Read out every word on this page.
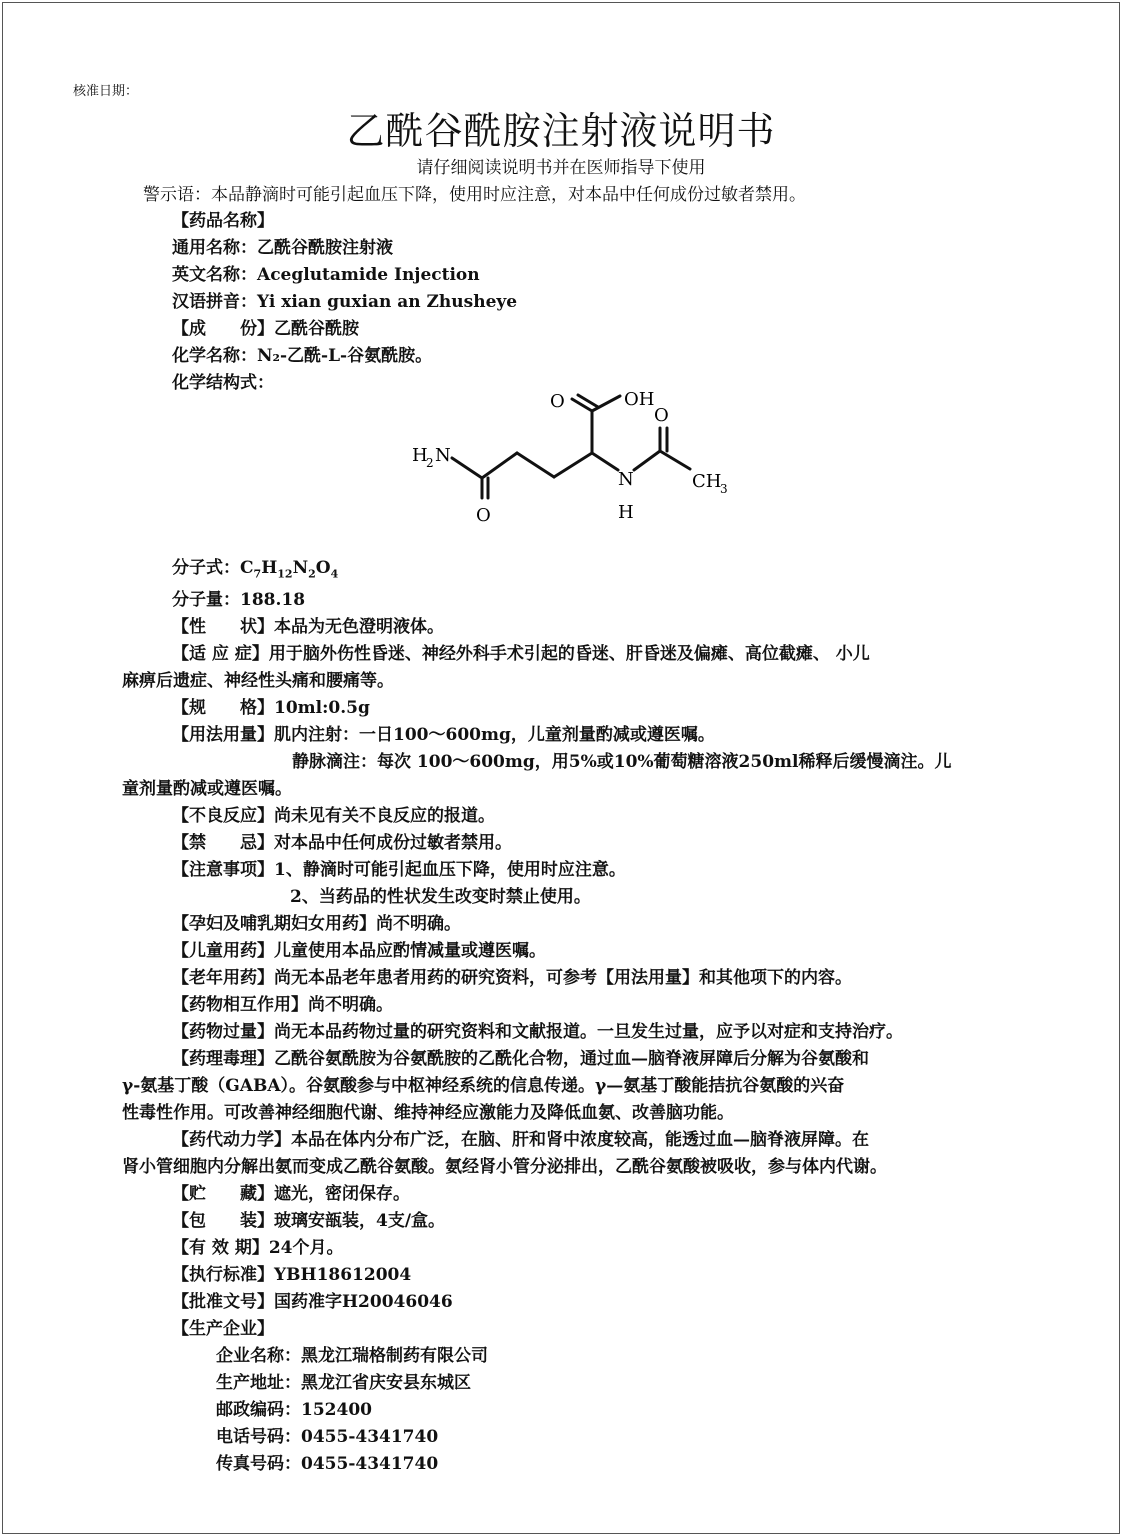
核准日期：
乙酰谷酰胺注射液说明书
请仔细阅读说明书并在医师指导下使用
警示语：本品静滴时可能引起血压下降，使用时应注意，对本品中任何成份过敏者禁用。

【药品名称】

通用名称：乙酰谷酰胺注射液

英文名称：Aceglutamide Injection

汉语拼音：Yi xian guxian an Zhusheye

【成　　份】乙酰谷酰胺

化学名称：N₂-乙酰-L-谷氨酰胺。

化学结构式：

O	OH
O
H
2 N
N
H
CH
3
O

分子式：$C_7H_{12}N_2O_4$

分子量：188.18

【性　　状】本品为无色澄明液体。

【适 应 症】用于脑外伤性昏迷、神经外科手术引起的昏迷、肝昏迷及偏瘫、高位截瘫、 小儿

麻痹后遗症、神经性头痛和腰痛等。

【规　　格】10ml:0.5g

【用法用量】肌内注射：一日100～600mg，儿童剂量酌减或遵医嘱。

静脉滴注：每次 100～600mg，用5%或10%葡萄糖溶液250ml稀释后缓慢滴注。儿

童剂量酌减或遵医嘱。

【不良反应】尚未见有关不良反应的报道。

【禁　　忌】对本品中任何成份过敏者禁用。

【注意事项】1、静滴时可能引起血压下降，使用时应注意。

2、当药品的性状发生改变时禁止使用。

【孕妇及哺乳期妇女用药】尚不明确。

【儿童用药】儿童使用本品应酌情减量或遵医嘱。

【老年用药】尚无本品老年患者用药的研究资料，可参考【用法用量】和其他项下的内容。

【药物相互作用】尚不明确。

【药物过量】尚无本品药物过量的研究资料和文献报道。一旦发生过量，应予以对症和支持治疗。

【药理毒理】乙酰谷氨酰胺为谷氨酰胺的乙酰化合物，通过血—脑脊液屏障后分解为谷氨酸和

γ-氨基丁酸（GABA）。谷氨酸参与中枢神经系统的信息传递。γ—氨基丁酸能拮抗谷氨酸的兴奋

性毒性作用。可改善神经细胞代谢、维持神经应激能力及降低血氨、改善脑功能。

【药代动力学】本品在体内分布广泛，在脑、肝和肾中浓度较高，能透过血—脑脊液屏障。在

肾小管细胞内分解出氨而变成乙酰谷氨酸。氨经肾小管分泌排出，乙酰谷氨酸被吸收，参与体内代谢。

【贮　　藏】遮光，密闭保存。

【包　　装】玻璃安瓿装，4支/盒。

【有 效 期】24个月。

【执行标准】YBH18612004

【批准文号】国药准字H20046046

【生产企业】

企业名称：黑龙江瑞格制药有限公司

生产地址：黑龙江省庆安县东城区

邮政编码：152400

电话号码：0455-4341740

传真号码：0455-4341740
